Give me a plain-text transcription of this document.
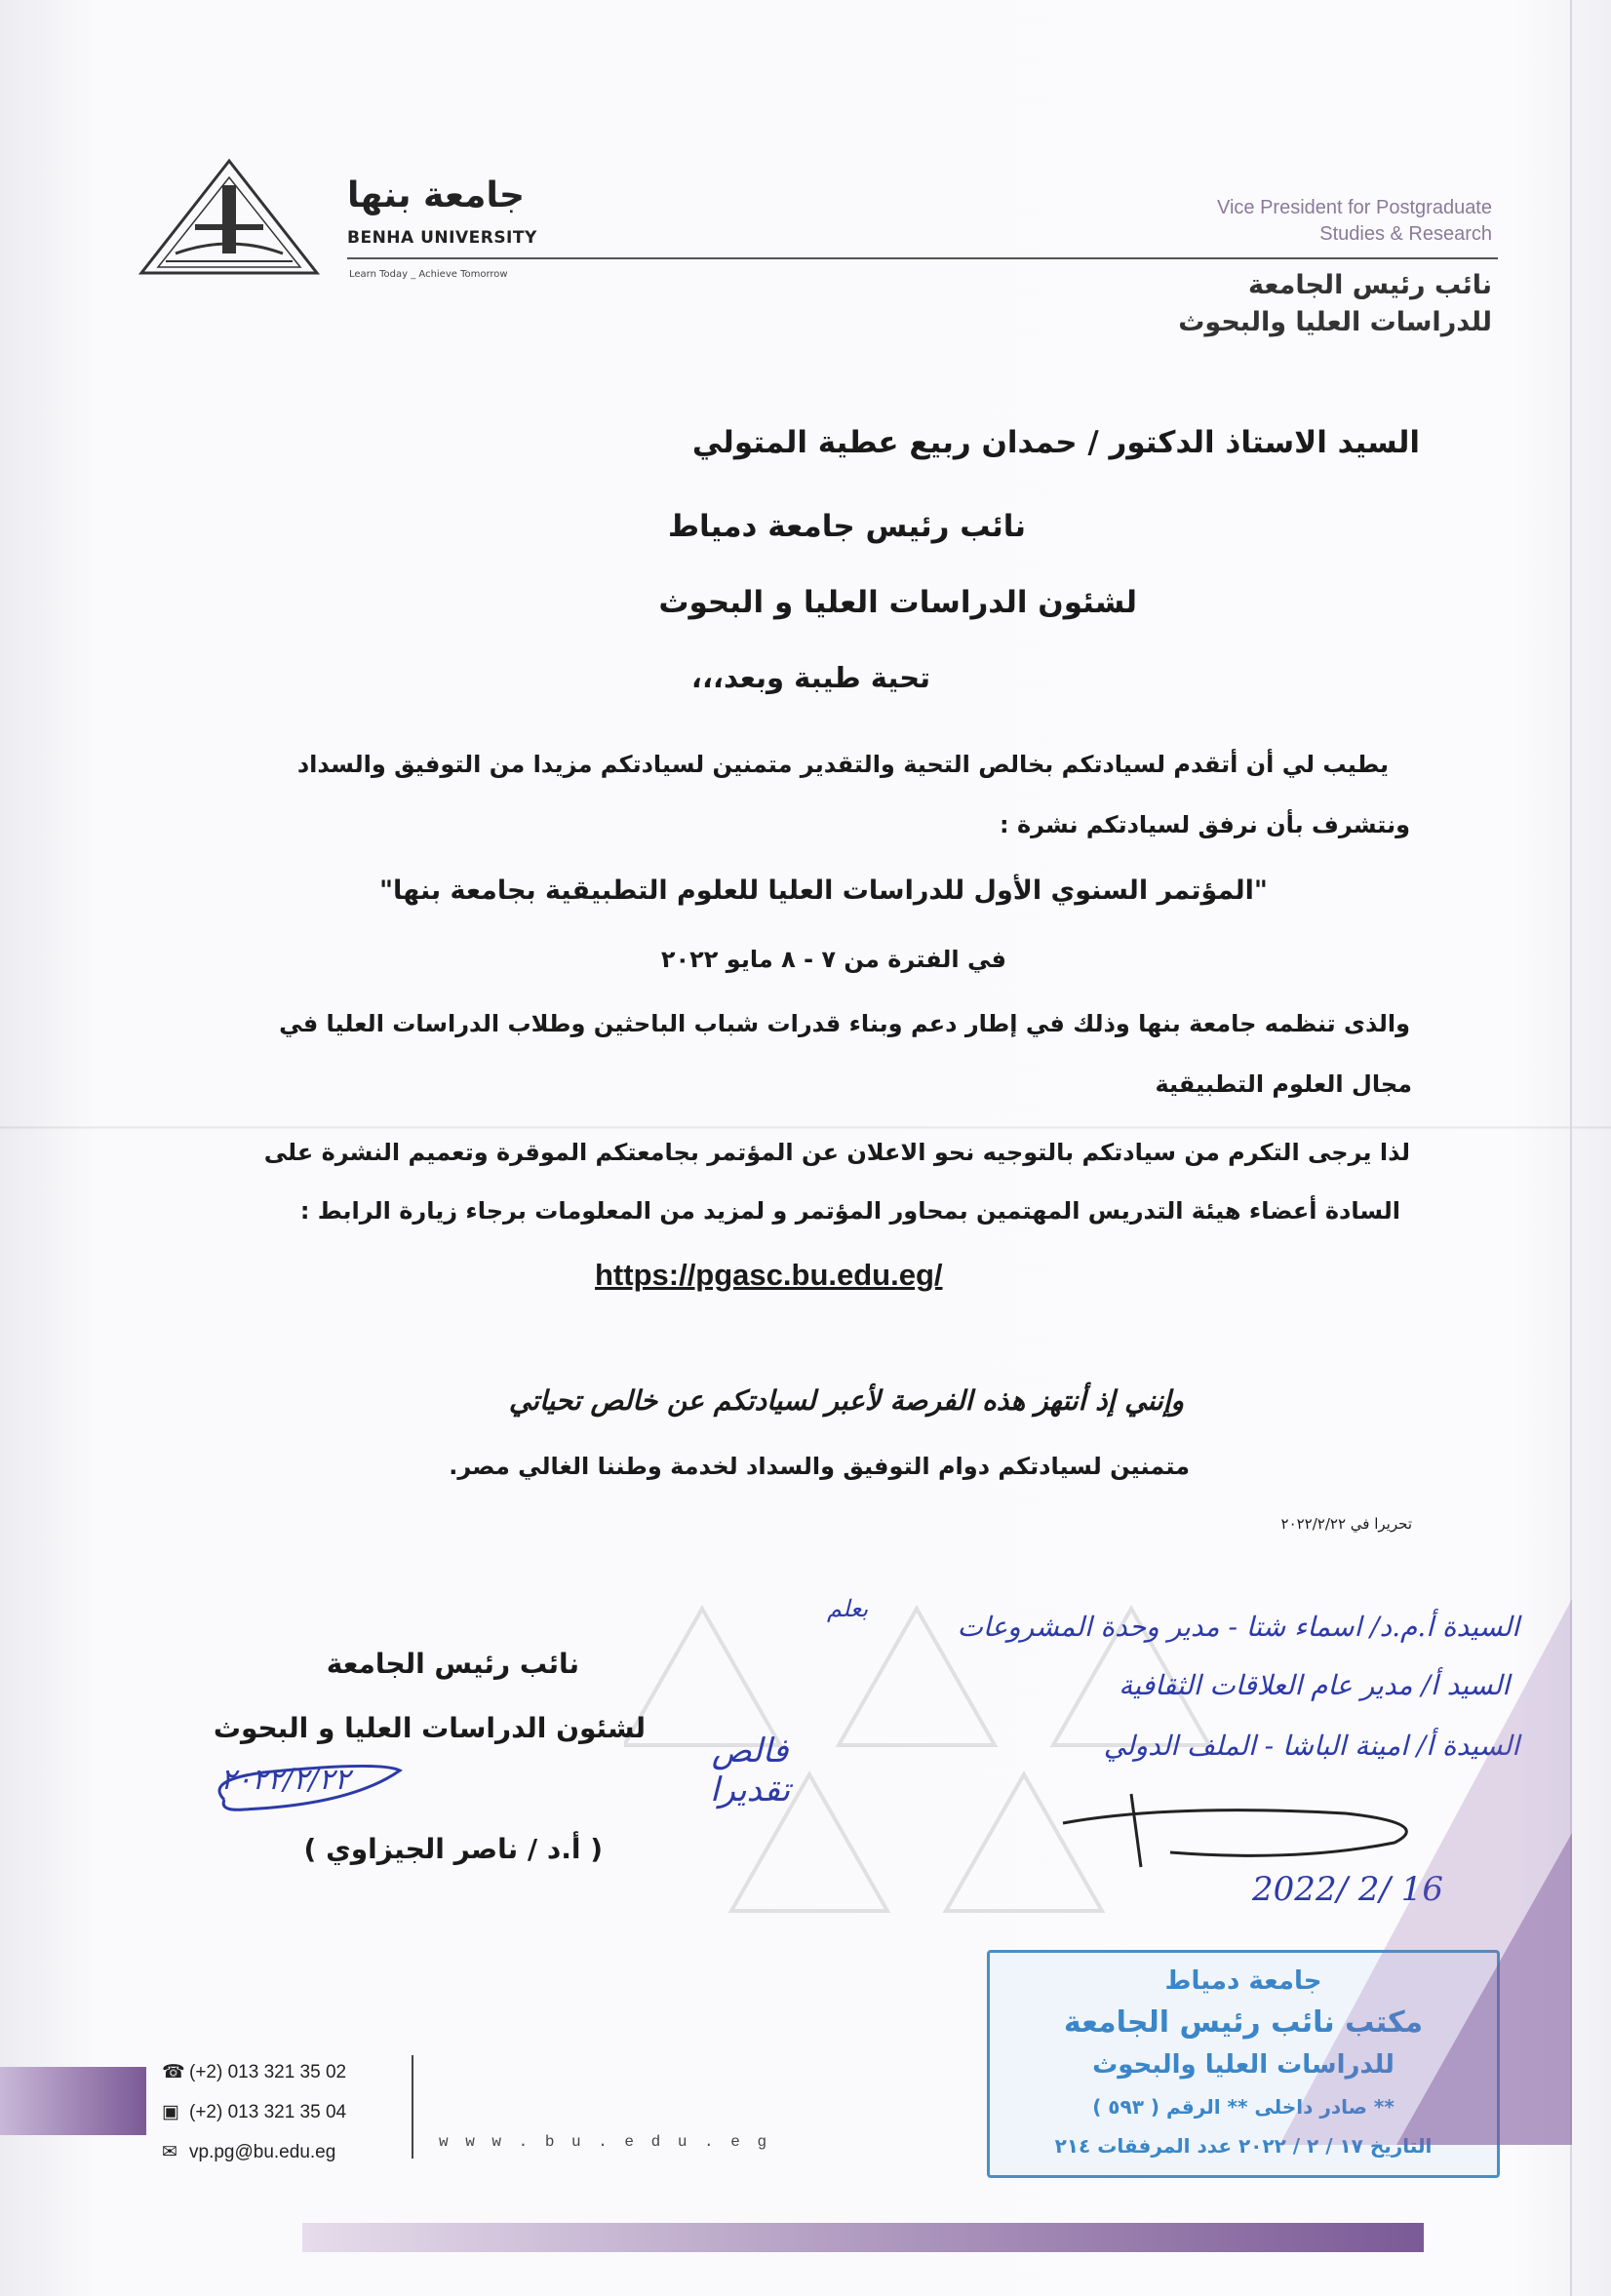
جامعة بنها
BENHA UNIVERSITY
Learn Today _ Achieve Tomorrow
Vice President for Postgraduate
Studies & Research
نائب رئيس الجامعة
للدراسات العليا والبحوث
السيد الاستاذ الدكتور / حمدان ربيع عطية المتولي
نائب رئيس جامعة دمياط
لشئون الدراسات العليا و البحوث
تحية طيبة وبعد،،،
يطيب لي أن أتقدم لسيادتكم بخالص التحية والتقدير متمنين لسيادتكم مزيدا من التوفيق والسداد
ونتشرف بأن نرفق لسيادتكم نشرة :
"المؤتمر السنوي الأول للدراسات العليا للعلوم التطبيقية بجامعة بنها"
في الفترة من ٧ - ٨ مايو ٢٠٢٢
والذى تنظمه جامعة بنها وذلك في إطار دعم وبناء قدرات شباب الباحثين وطلاب الدراسات العليا في
مجال العلوم التطبيقية
لذا يرجى التكرم من سيادتكم بالتوجيه نحو الاعلان عن المؤتمر بجامعتكم الموقرة وتعميم النشرة على
السادة أعضاء هيئة التدريس المهتمين بمحاور المؤتمر و لمزيد من المعلومات برجاء زيارة الرابط :
https://pgasc.bu.edu.eg/
وإنني إذ أنتهز هذه الفرصة لأعبر لسيادتكم عن خالص تحياتي
متمنين لسيادتكم دوام التوفيق والسداد لخدمة وطننا الغالي مصر.
تحريرا في ٢٠٢٢/٢/٢٢
نائب رئيس الجامعة
لشئون الدراسات العليا و البحوث
٢٠٢٢/٢/٢٢
( أ.د / ناصر الجيزاوي )
بعلم
فالص
تقديرا
السيدة أ.م.د/ اسماء شتا - مدير وحدة المشروعات
السيد أ/ مدير عام العلاقات الثقافية
السيدة أ/ امينة الباشا - الملف الدولي
2022/ 2/ 16
جامعة دمياط
مكتب نائب رئيس الجامعة
للدراسات العليا والبحوث
** صادر داخلى ** الرقم ( ٥٩٣ )
التاريخ ١٧ / ٢ / ٢٠٢٢ عدد المرفقات ٢١٤
☎ (+2) 013 321 35 02
▣ (+2) 013 321 35 04
✉ vp.pg@bu.edu.eg	w w w . b u . e d u . e g
